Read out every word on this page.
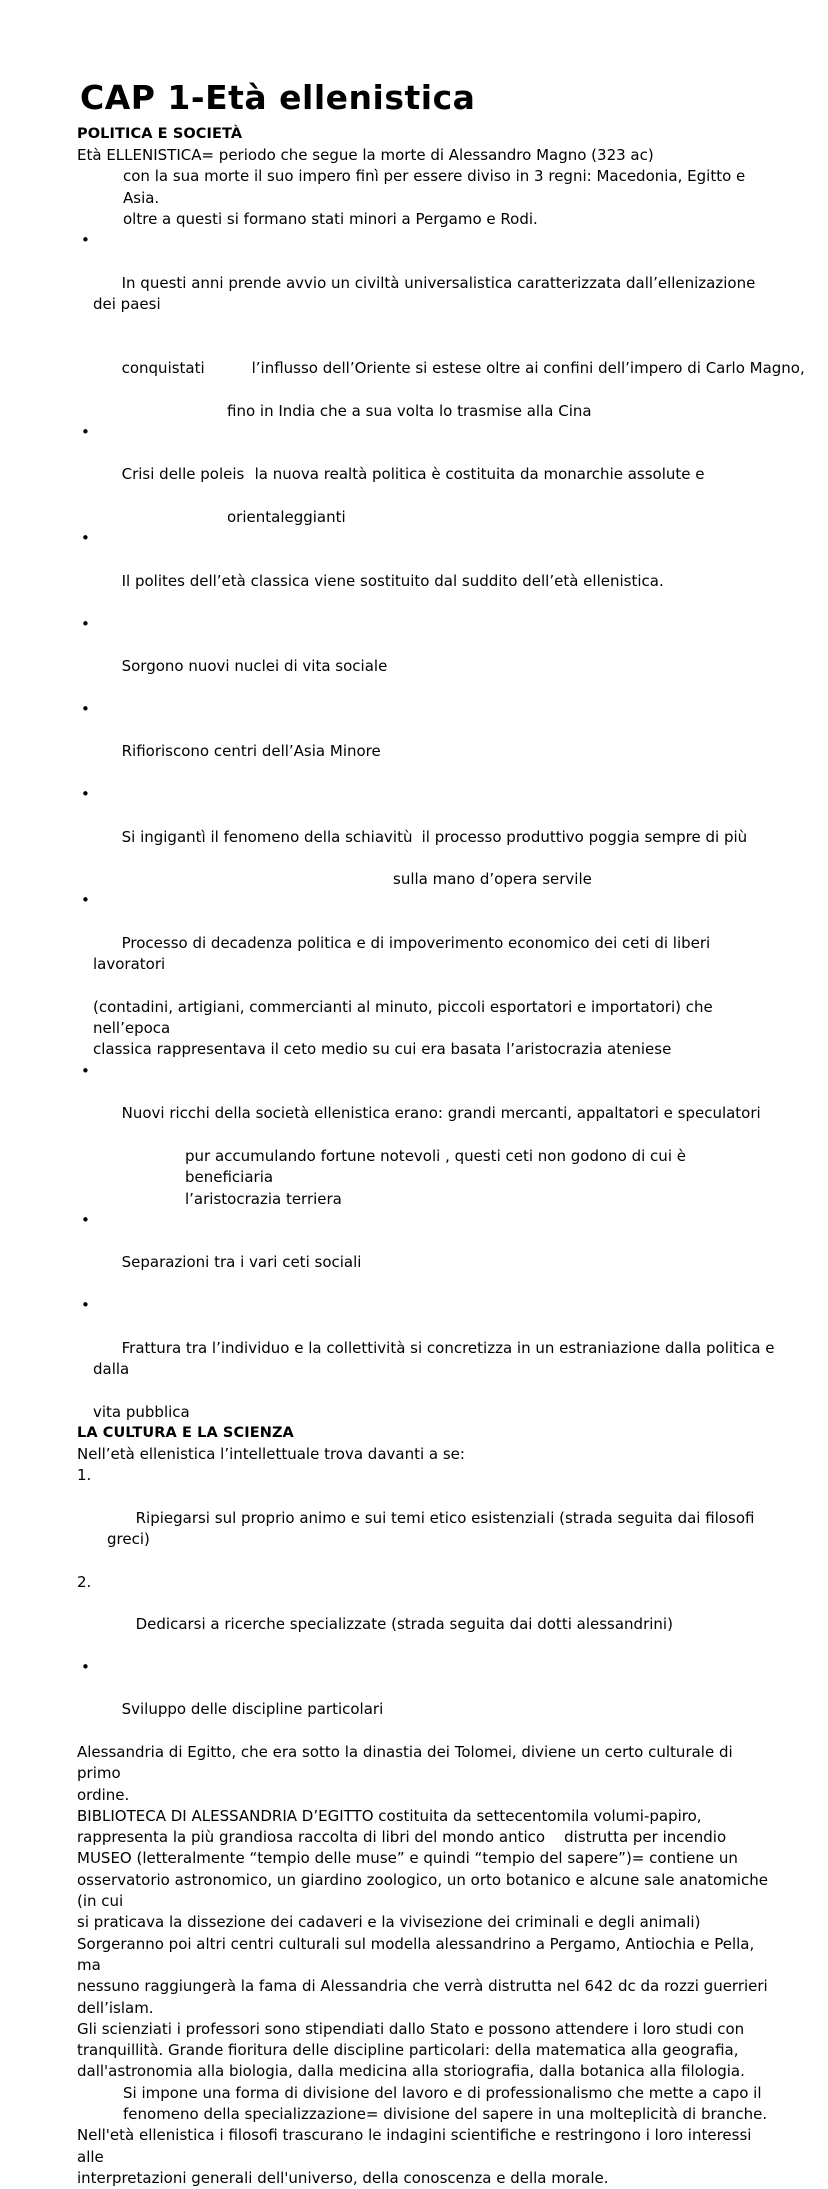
CAP 1-Età ellenistica
POLITICA E SOCIETÀ
Età ELLENISTICA= periodo che segue la morte di Alessandro Magno (323 ac)
con la sua morte il suo impero finì per essere diviso in 3 regni: Macedonia, Egitto e Asia.
oltre a questi si formano stati minori a Pergamo e Rodi.

•

In questi anni prende avvio un civiltà universalistica caratterizzata dall’ellenizazione dei paesi

conquistati	l’influsso dell’Oriente si estese oltre ai confini dell’impero di Carlo Magno,

fino in India che a sua volta lo trasmise alla Cina

•

Crisi delle poleis la nuova realtà politica è costituita da monarchie assolute e

orientaleggianti

•

Il polites dell’età classica viene sostituito dal suddito dell’età ellenistica.

•

Sorgono nuovi nuclei di vita sociale

•

Rifioriscono centri dell’Asia Minore

•

Si ingigantì il fenomeno della schiavitù il processo produttivo poggia sempre di più

sulla mano d’opera servile

•

Processo di decadenza politica e di impoverimento economico dei ceti di liberi lavoratori

(contadini, artigiani, commercianti al minuto, piccoli esportatori e importatori) che nell’epoca
classica rappresentava il ceto medio su cui era basata l’aristocrazia ateniese

•

Nuovi ricchi della società ellenistica erano: grandi mercanti, appaltatori e speculatori

pur accumulando fortune notevoli , questi ceti non godono di cui è beneficiaria
l’aristocrazia terriera

•

Separazioni tra i vari ceti sociali

•

Frattura tra l’individuo e la collettività si concretizza in un estraniazione dalla politica e dalla

vita pubblica
LA CULTURA E LA SCIENZA
Nell’età ellenistica l’intellettuale trova davanti a se:

1.

Ripiegarsi sul proprio animo e sui temi etico esistenziali (strada seguita dai filosofi greci)

2.

Dedicarsi a ricerche specializzate (strada seguita dai dotti alessandrini)

•

Sviluppo delle discipline particolari

Alessandria di Egitto, che era sotto la dinastia dei Tolomei, diviene un certo culturale di primo
ordine.
BIBLIOTECA DI ALESSANDRIA D’EGITTO costituita da settecentomila volumi-papiro,
rappresenta la più grandiosa raccolta di libri del mondo antico    distrutta per incendio
MUSEO (letteralmente “tempio delle muse” e quindi “tempio del sapere”)= contiene un
osservatorio astronomico, un giardino zoologico, un orto botanico e alcune sale anatomiche (in cui
si praticava la dissezione dei cadaveri e la vivisezione dei criminali e degli animali)
Sorgeranno poi altri centri culturali sul modella alessandrino a Pergamo, Antiochia e Pella, ma
nessuno raggiungerà la fama di Alessandria che verrà distrutta nel 642 dc da rozzi guerrieri
dell’islam.
Gli scienziati i professori sono stipendiati dallo Stato e possono attendere i loro studi con
tranquillità. Grande fioritura delle discipline particolari: della matematica alla geografia,
dall'astronomia alla biologia, dalla medicina alla storiografia, dalla botanica alla filologia.
Si impone una forma di divisione del lavoro e di professionalismo che mette a capo il
fenomeno della specializzazione= divisione del sapere in una molteplicità di branche.
Nell'età ellenistica i filosofi trascurano le indagini scientifiche e restringono i loro interessi alle
interpretazioni generali dell'universo, della conoscenza e della morale.
